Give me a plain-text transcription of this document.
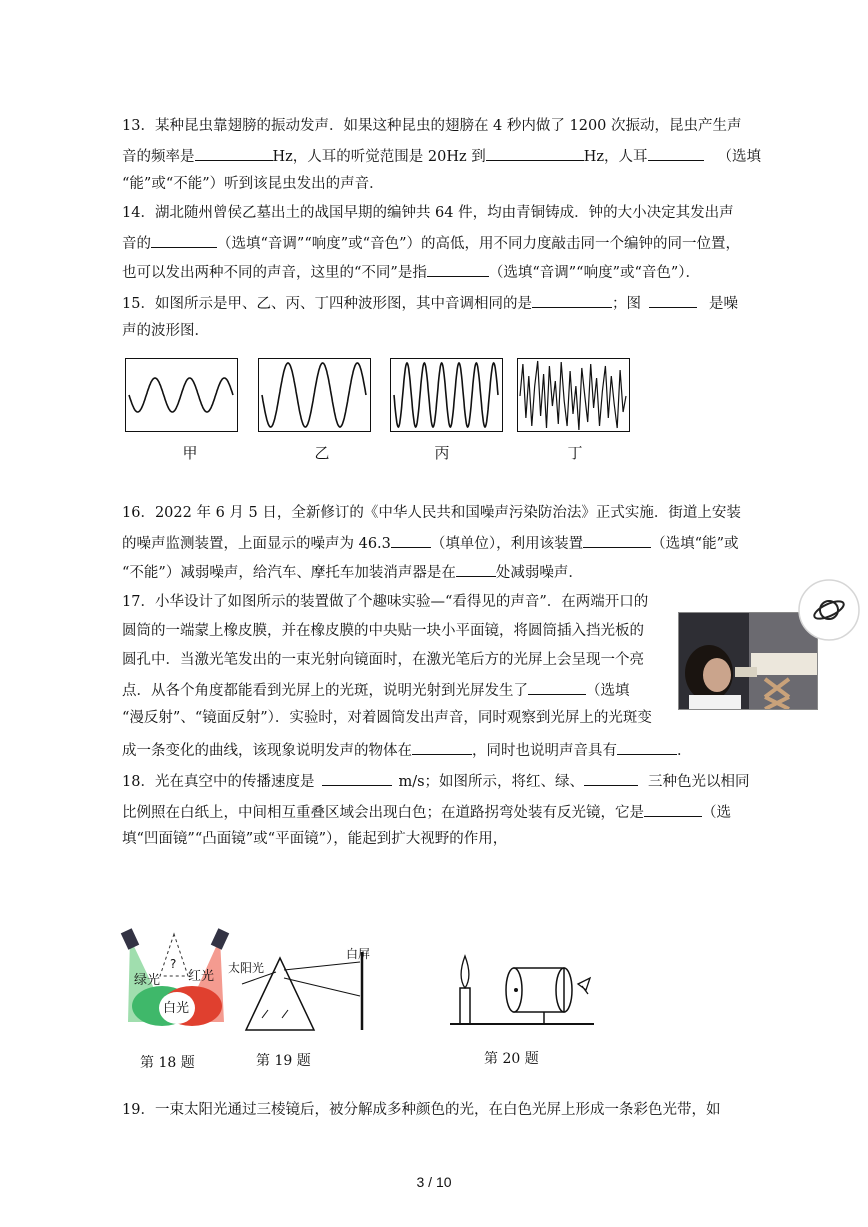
13．某种昆虫靠翅膀的振动发声．如果这种昆虫的翅膀在 4 秒内做了 1200 次振动，昆虫产生声
音的频率是	Hz，人耳的听觉范围是 20Hz 到	Hz，人耳	（选填
“能”或“不能”）听到该昆虫发出的声音．
14．湖北随州曾侯乙墓出土的战国早期的编钟共 64 件，均由青铜铸成．钟的大小决定其发出声
音的	（选填“音调”“响度”或“音色”）的高低，用不同力度敲击同一个编钟的同一位置，
也可以发出两种不同的声音，这里的“不同”是指	（选填“音调”“响度”或“音色”）．
15．如图所示是甲、乙、丙、丁四种波形图，其中音调相同的是	；图	是噪
声的波形图．
甲	乙	丙	丁
16．2022 年 6 月 5 日，全新修订的《中华人民共和国噪声污染防治法》正式实施．街道上安装
的噪声监测装置，上面显示的噪声为 46.3	（填单位），利用该装置	（选填“能”或
“不能”）减弱噪声，给汽车、摩托车加装消声器是在	处减弱噪声．
17．小华设计了如图所示的装置做了个趣味实验—“看得见的声音”．在两端开口的
圆筒的一端蒙上橡皮膜，并在橡皮膜的中央贴一块小平面镜，将圆筒插入挡光板的
圆孔中．当激光笔发出的一束光射向镜面时，在激光笔后方的光屏上会呈现一个亮
点．从各个角度都能看到光屏上的光斑，说明光射到光屏发生了	（选填
“漫反射”、“镜面反射”）．实验时，对着圆筒发出声音，同时观察到光屏上的光斑变
成一条变化的曲线，该现象说明发声的物体在	，同时也说明声音具有	．
18．光在真空中的传播速度是	m/s；如图所示，将红、绿、	三种色光以相同
比例照在白纸上，中间相互重叠区域会出现白色；在道路拐弯处装有反光镜，它是	（选
填“凹面镜”“凸面镜”或“平面镜”），能起到扩大视野的作用，
绿光 红光
白光
?
第 18 题
太阳光
白屏
第 19 题	第 20 题
19．一束太阳光通过三棱镜后，被分解成多种颜色的光，在白色光屏上形成一条彩色光带，如
3 / 10
